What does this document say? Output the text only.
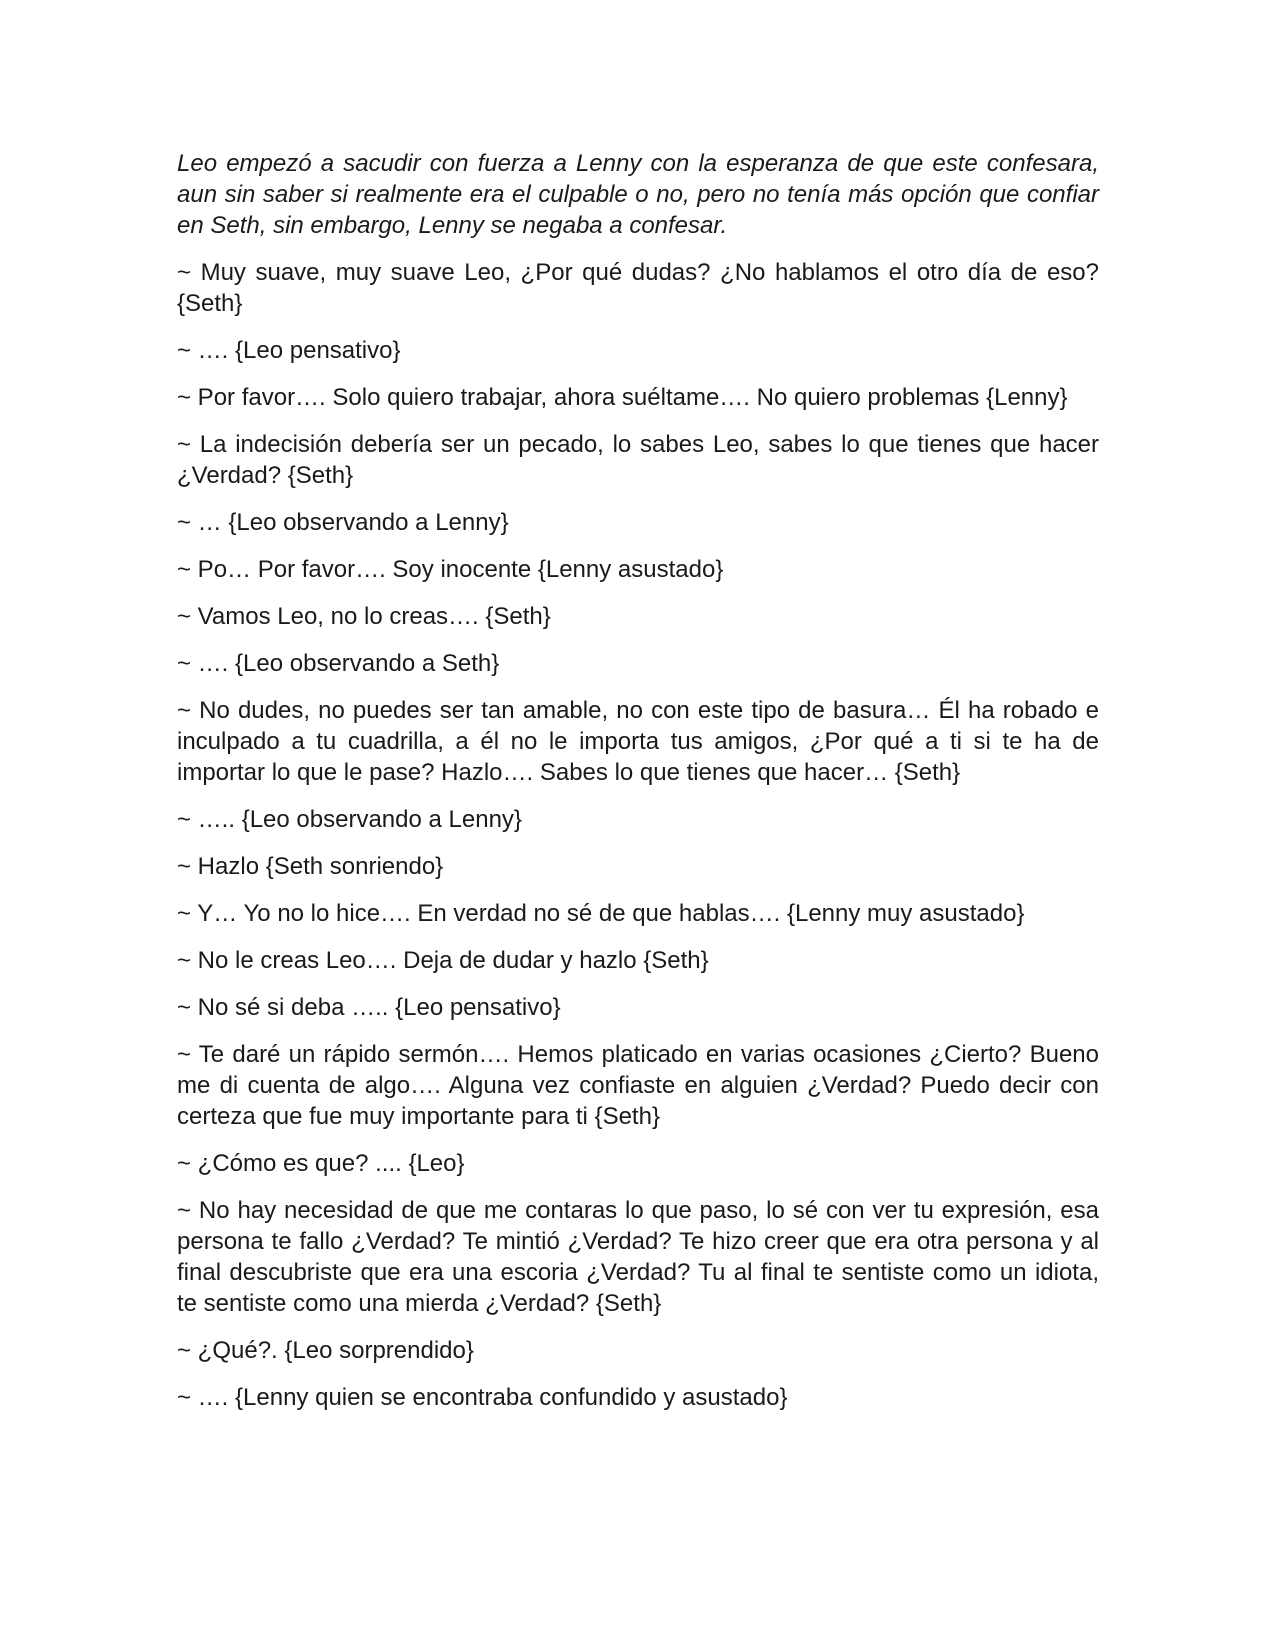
Leo empezó a sacudir con fuerza a Lenny con la esperanza de que este confesara, aun sin saber si realmente era el culpable o no, pero no tenía más opción que confiar en Seth, sin embargo, Lenny se negaba a confesar.

~ Muy suave, muy suave Leo, ¿Por qué dudas? ¿No hablamos el otro día de eso? {Seth}

~ …. {Leo pensativo}

~ Por favor…. Solo quiero trabajar, ahora suéltame…. No quiero problemas {Lenny}

~ La indecisión debería ser un pecado, lo sabes Leo, sabes lo que tienes que hacer ¿Verdad? {Seth}

~ … {Leo observando a Lenny}

~ Po… Por favor…. Soy inocente {Lenny asustado}

~ Vamos Leo, no lo creas…. {Seth}

~ …. {Leo observando a Seth}

~ No dudes, no puedes ser tan amable, no con este tipo de basura… Él ha robado e inculpado a tu cuadrilla, a él no le importa tus amigos, ¿Por qué a ti si te ha de importar lo que le pase? Hazlo…. Sabes lo que tienes que hacer… {Seth}

~ ….. {Leo observando a Lenny}

~ Hazlo {Seth sonriendo}

~ Y… Yo no lo hice…. En verdad no sé de que hablas…. {Lenny muy asustado}

~ No le creas Leo…. Deja de dudar y hazlo {Seth}

~ No sé si deba ….. {Leo pensativo}

~ Te daré un rápido sermón…. Hemos platicado en varias ocasiones ¿Cierto? Bueno me di cuenta de algo…. Alguna vez confiaste en alguien ¿Verdad? Puedo decir con certeza que fue muy importante para ti {Seth}

~ ¿Cómo es que? .... {Leo}

~ No hay necesidad de que me contaras lo que paso, lo sé con ver tu expresión, esa persona te fallo ¿Verdad? Te mintió ¿Verdad? Te hizo creer que era otra persona y al final descubriste que era una escoria ¿Verdad? Tu al final te sentiste como un idiota, te sentiste como una mierda ¿Verdad? {Seth}

~ ¿Qué?. {Leo sorprendido}

~ …. {Lenny quien se encontraba confundido y asustado}
